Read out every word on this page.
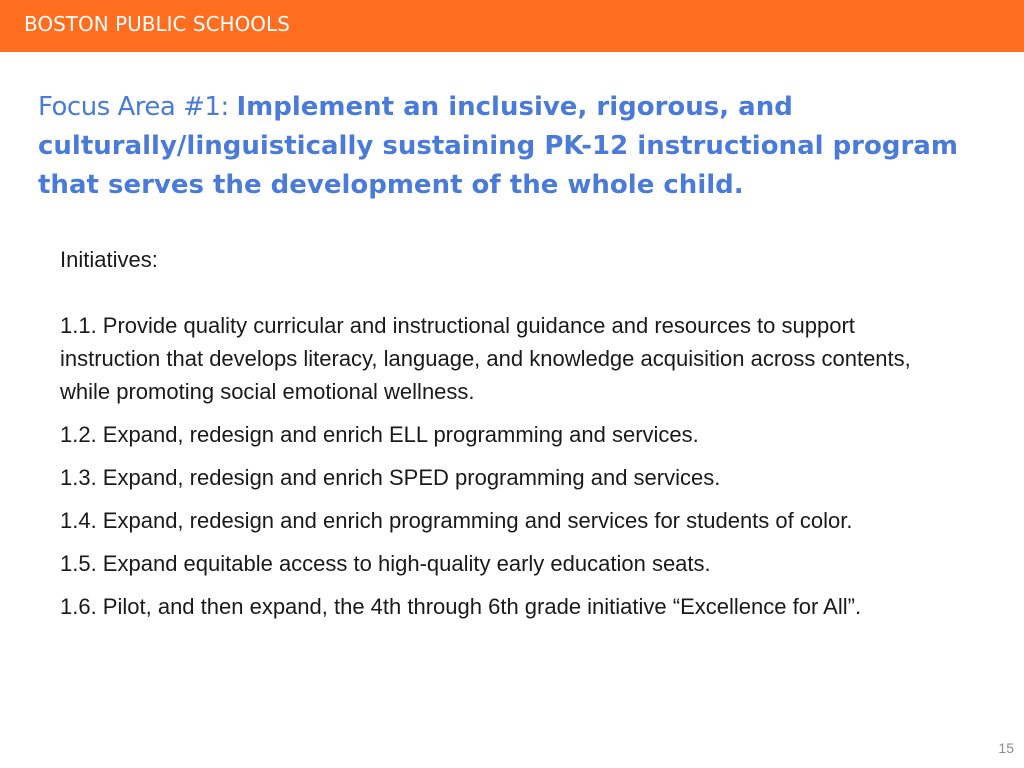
BOSTON PUBLIC SCHOOLS
Focus Area #1: Implement an inclusive, rigorous, and culturally/linguistically sustaining PK-12 instructional program that serves the development of the whole child.
Initiatives:
1.1. Provide quality curricular and instructional guidance and resources to support instruction that develops literacy, language, and knowledge acquisition across contents, while promoting social emotional wellness.
1.2. Expand, redesign and enrich ELL programming and services.
1.3. Expand, redesign and enrich SPED programming and services.
1.4. Expand, redesign and enrich programming and services for students of color.
1.5. Expand equitable access to high-quality early education seats.
1.6. Pilot, and then expand, the 4th through 6th grade initiative “Excellence for All”.
15
